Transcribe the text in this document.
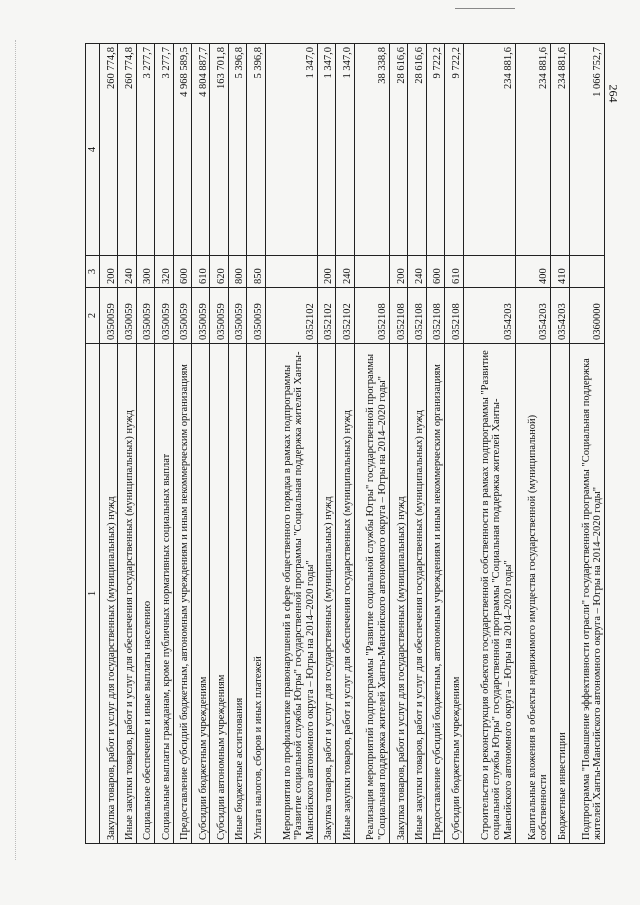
264
1	2	3	4
Закупка товаров, работ и услуг для государственных (муниципальных) нужд	0350059	200	260 774,8
Иные закупки товаров, работ и услуг для обеспечения государственных (муниципальных) нужд	0350059	240	260 774,8
Социальное обеспечение и иные выплаты населению	0350059	300	3 277,7
Социальные выплаты гражданам, кроме публичных нормативных социальных выплат	0350059	320	3 277,7
Предоставление субсидий бюджетным, автономным учреждениям и иным некоммерческим организациям	0350059	600	4 968 589,5
Субсидии бюджетным учреждениям	0350059	610	4 804 887,7
Субсидии автономным учреждениям	0350059	620	163 701,8
Иные бюджетные ассигнования	0350059	800	5 396,8
Уплата налогов, сборов и иных платежей	0350059	850	5 396,8
Мероприятия по профилактике правонарушений в сфере общественного порядка в рамках подпрограммы "Развитие социальной службы Югры" государственной программы "Социальная поддержка жителей Ханты-Мансийского автономного округа – Югры на 2014–2020 годы"	0352102		1 347,0
Закупка товаров, работ и услуг для государственных (муниципальных) нужд	0352102	200	1 347,0
Иные закупки товаров, работ и услуг для обеспечения государственных (муниципальных) нужд	0352102	240	1 347,0
Реализация мероприятий подпрограммы "Развитие социальной службы Югры" государственной программы "Социальная поддержка жителей Ханты-Мансийского автономного округа – Югры на 2014–2020 годы"	0352108		38 338,8
Закупка товаров, работ и услуг для государственных (муниципальных) нужд	0352108	200	28 616,6
Иные закупки товаров, работ и услуг для обеспечения государственных (муниципальных) нужд	0352108	240	28 616,6
Предоставление субсидий бюджетным, автономным учреждениям и иным некоммерческим организациям	0352108	600	9 722,2
Субсидии бюджетным учреждениям	0352108	610	9 722,2
Строительство и реконструкция объектов государственной собственности в рамках подпрограммы "Развитие социальной службы Югры" государственной программы "Социальная поддержка жителей Ханты-Мансийского автономного округа – Югры на 2014–2020 годы"	0354203		234 881,6
Капитальные вложения в объекты недвижимого имущества государственной (муниципальной) собственности	0354203	400	234 881,6
Бюджетные инвестиции	0354203	410	234 881,6
Подпрограмма "Повышение эффективности отрасли" государственной программы "Социальная поддержка жителей Ханты-Мансийского автономного округа – Югры на 2014–2020 годы"	0360000		1 066 752,7
